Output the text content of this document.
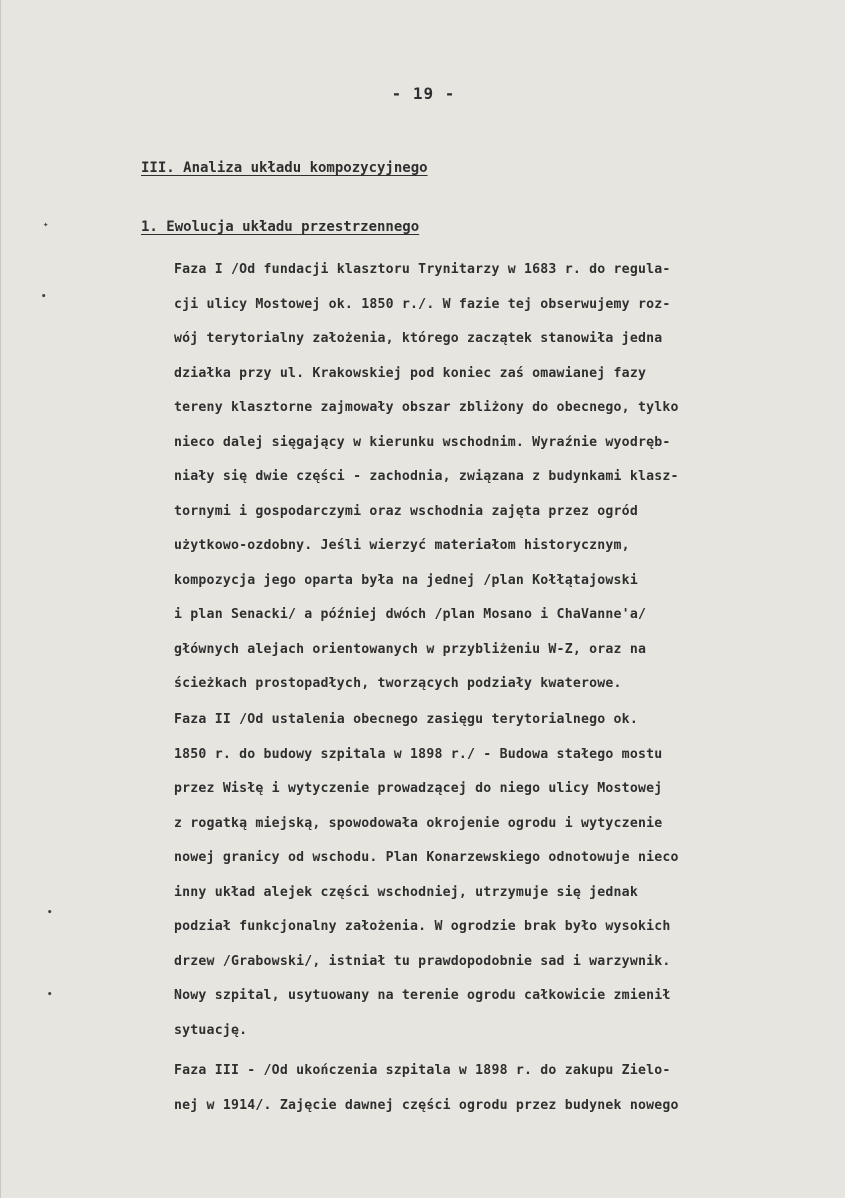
- 19 -
III. Analiza układu kompozycyjnego
1. Ewolucja układu przestrzennego
Faza I /Od fundacji klasztoru Trynitarzy w 1683 r. do regula-
cji ulicy Mostowej ok. 1850 r./. W fazie tej obserwujemy roz-
wój terytorialny założenia, którego zaczątek stanowiła jedna
działka przy ul. Krakowskiej pod koniec zaś omawianej fazy
tereny klasztorne zajmowały obszar zbliżony do obecnego, tylko
nieco dalej sięgający w kierunku wschodnim. Wyraźnie wyodręb-
niały się dwie części - zachodnia, związana z budynkami klasz-
tornymi i gospodarczymi oraz wschodnia zajęta przez ogród
użytkowo-ozdobny. Jeśli wierzyć materiałom historycznym,
kompozycja jego oparta była na jednej /plan Kołłątajowski
i plan Senacki/ a później dwóch /plan Mosano i ChaVanne'a/
głównych alejach orientowanych w przybliżeniu W-Z, oraz na
ścieżkach prostopadłych, tworzących podziały kwaterowe.
Faza II /Od ustalenia obecnego zasięgu terytorialnego ok.
1850 r. do budowy szpitala w 1898 r./ - Budowa stałego mostu
przez Wisłę i wytyczenie prowadzącej do niego ulicy Mostowej
z rogatką miejską, spowodowała okrojenie ogrodu i wytyczenie
nowej granicy od wschodu. Plan Konarzewskiego odnotowuje nieco
inny układ alejek części wschodniej, utrzymuje się jednak
podział funkcjonalny założenia. W ogrodzie brak było wysokich
drzew /Grabowski/, istniał tu prawdopodobnie sad i warzywnik.
Nowy szpital, usytuowany na terenie ogrodu całkowicie zmienił
sytuację.
Faza III - /Od ukończenia szpitala w 1898 r. do zakupu Zielo-
nej w 1914/. Zajęcie dawnej części ogrodu przez budynek nowego
✦
•
•
•
